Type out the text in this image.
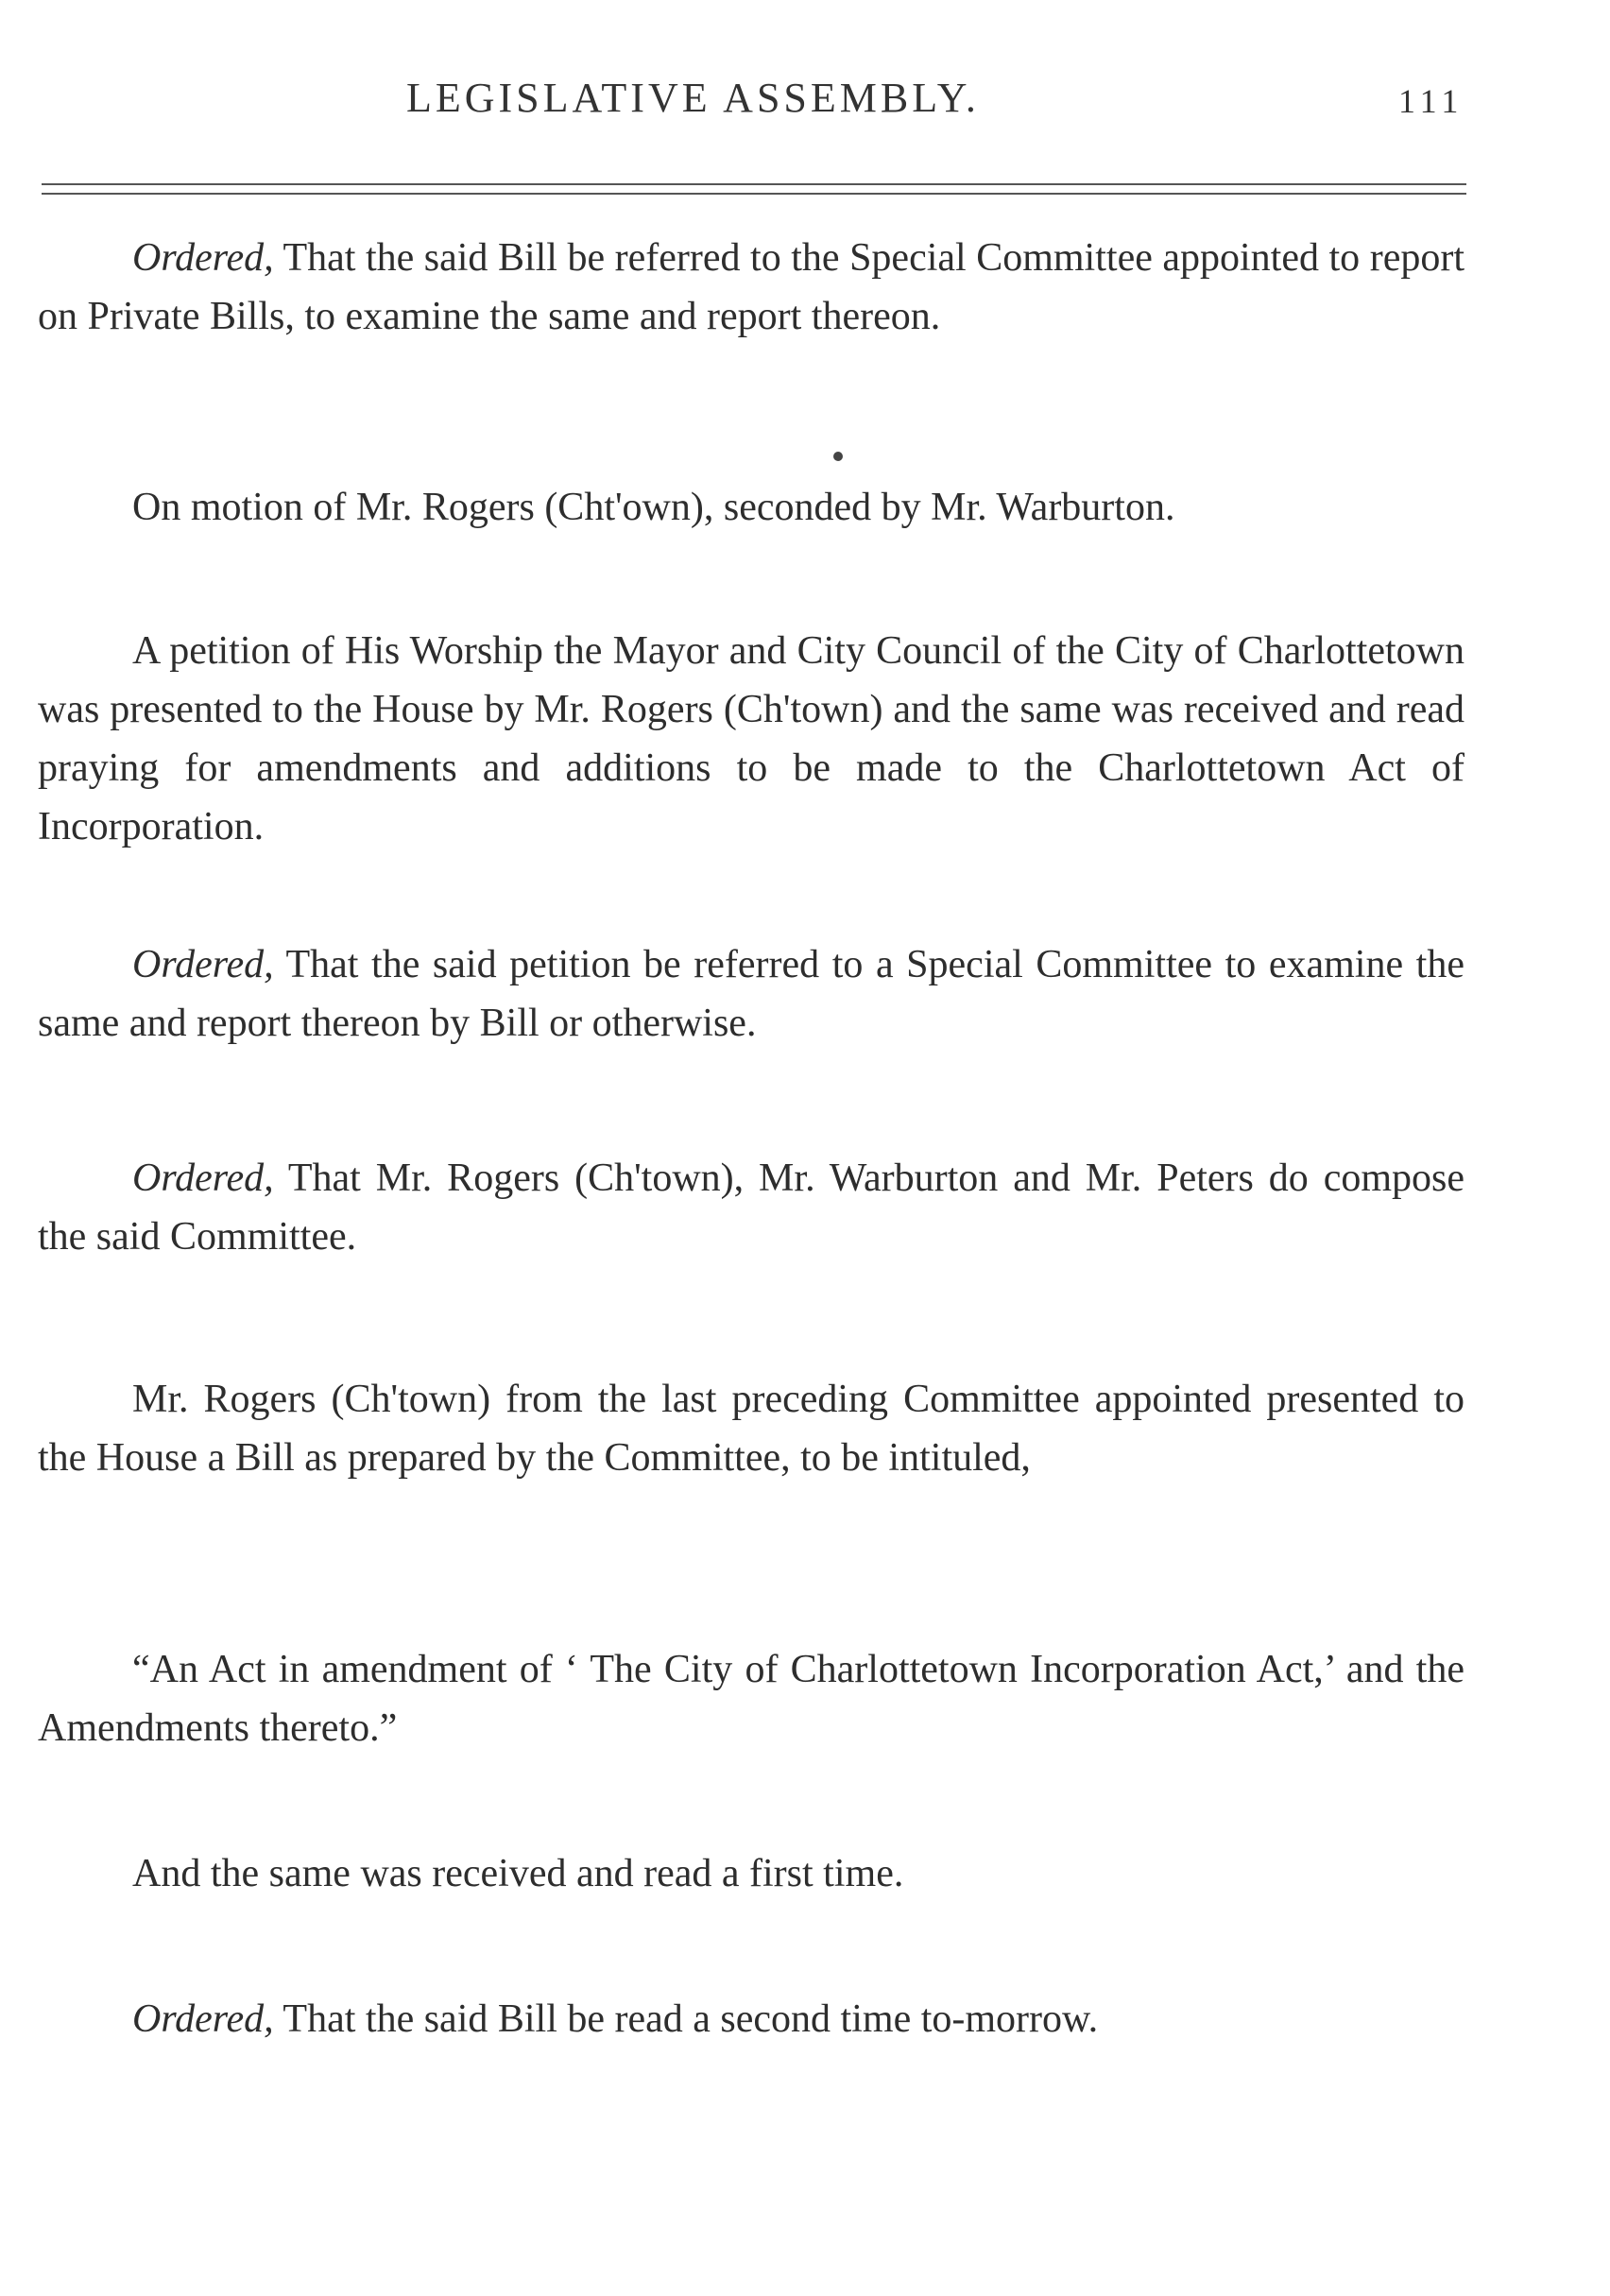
LEGISLATIVE ASSEMBLY.	111

Ordered, That the said Bill be referred to the Special Committee appointed to report on Private Bills, to examine the same and report thereon.

On motion of Mr. Rogers (Cht'own), seconded by Mr. Warburton.

A petition of His Worship the Mayor and City Council of the City of Charlottetown was presented to the House by Mr. Rogers (Ch'town) and the same was received and read praying for amendments and additions to be made to the Charlottetown Act of Incorporation.

Ordered, That the said petition be referred to a Special Committee to examine the same and report thereon by Bill or otherwise.

Ordered, That Mr. Rogers (Ch'town), Mr. Warburton and Mr. Peters do compose the said Committee.

Mr. Rogers (Ch'town) from the last preceding Committee appointed presented to the House a Bill as prepared by the Committee, to be intituled,

“An Act in amendment of ‘ The City of Charlottetown Incorporation Act,’ and the Amendments thereto.”

And the same was received and read a first time.

Ordered, That the said Bill be read a second time to-morrow.
